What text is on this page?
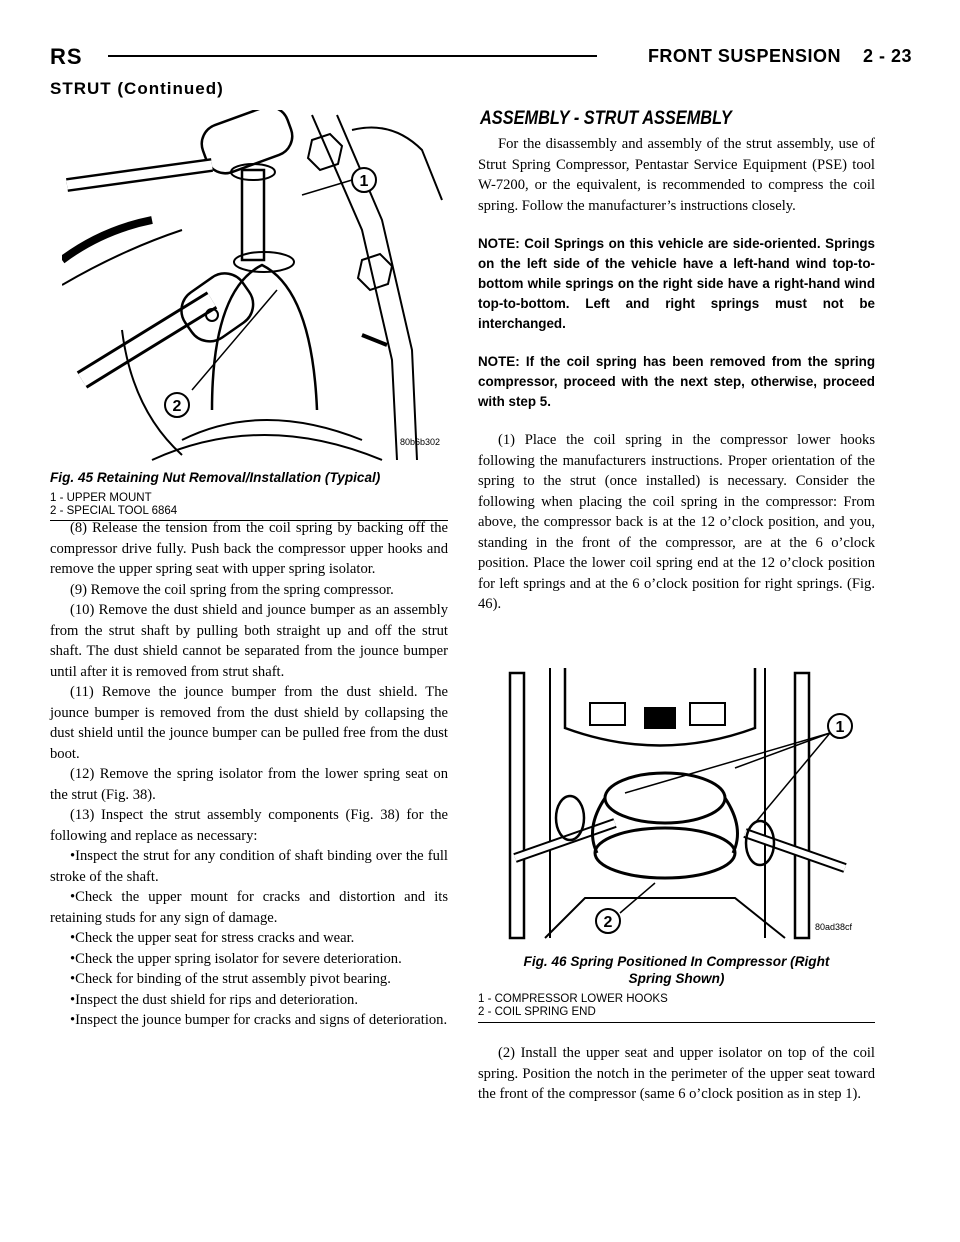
RS	FRONT SUSPENSION    2 - 23
STRUT (Continued)
1
2
80b6b302
Fig. 45 Retaining Nut Removal/Installation (Typical)
1 - UPPER MOUNT
2 - SPECIAL TOOL 6864

(8) Release the tension from the coil spring by backing off the compressor drive fully. Push back the compressor upper hooks and remove the upper spring seat with upper spring isolator.

(9) Remove the coil spring from the spring compressor.

(10) Remove the dust shield and jounce bumper as an assembly from the strut shaft by pulling both straight up and off the strut shaft. The dust shield cannot be separated from the jounce bumper until after it is removed from strut shaft.

(11) Remove the jounce bumper from the dust shield. The jounce bumper is removed from the dust shield by collapsing the dust shield until the jounce bumper can be pulled free from the dust boot.

(12) Remove the spring isolator from the lower spring seat on the strut (Fig. 38).

(13) Inspect the strut assembly components (Fig. 38) for the following and replace as necessary:

•Inspect the strut for any condition of shaft binding over the full stroke of the shaft.

•Check the upper mount for cracks and distortion and its retaining studs for any sign of damage.

•Check the upper seat for stress cracks and wear.

•Check the upper spring isolator for severe deterioration.

•Check for binding of the strut assembly pivot bearing.

•Inspect the dust shield for rips and deterioration.

•Inspect the jounce bumper for cracks and signs of deterioration.

ASSEMBLY - STRUT ASSEMBLY

For the disassembly and assembly of the strut assembly, use of Strut Spring Compressor, Pentastar Service Equipment (PSE) tool W-7200, or the equivalent, is recommended to compress the coil spring. Follow the manufacturer’s instructions closely.

NOTE: Coil Springs on this vehicle are side-oriented. Springs on the left side of the vehicle have a left-hand wind top-to-bottom while springs on the right side have a right-hand wind top-to-bottom. Left and right springs must not be interchanged.

NOTE: If the coil spring has been removed from the spring compressor, proceed with the next step, otherwise, proceed with step 5.

(1) Place the coil spring in the compressor lower hooks following the manufacturers instructions. Proper orientation of the spring to the strut (once installed) is necessary. Consider the following when placing the coil spring in the compressor: From above, the compressor back is at the 12 o’clock position, and you, standing in the front of the compressor, are at the 6 o’clock position. Place the lower coil spring end at the 12 o’clock position for left springs and at the 6 o’clock position for right springs. (Fig. 46).

1
2	80ad38cf
Fig. 46 Spring Positioned In Compressor (Right
Spring Shown)
1 - COMPRESSOR LOWER HOOKS
2 - COIL SPRING END

(2) Install the upper seat and upper isolator on top of the coil spring. Position the notch in the perimeter of the upper seat toward the front of the compressor (same 6 o’clock position as in step 1).
